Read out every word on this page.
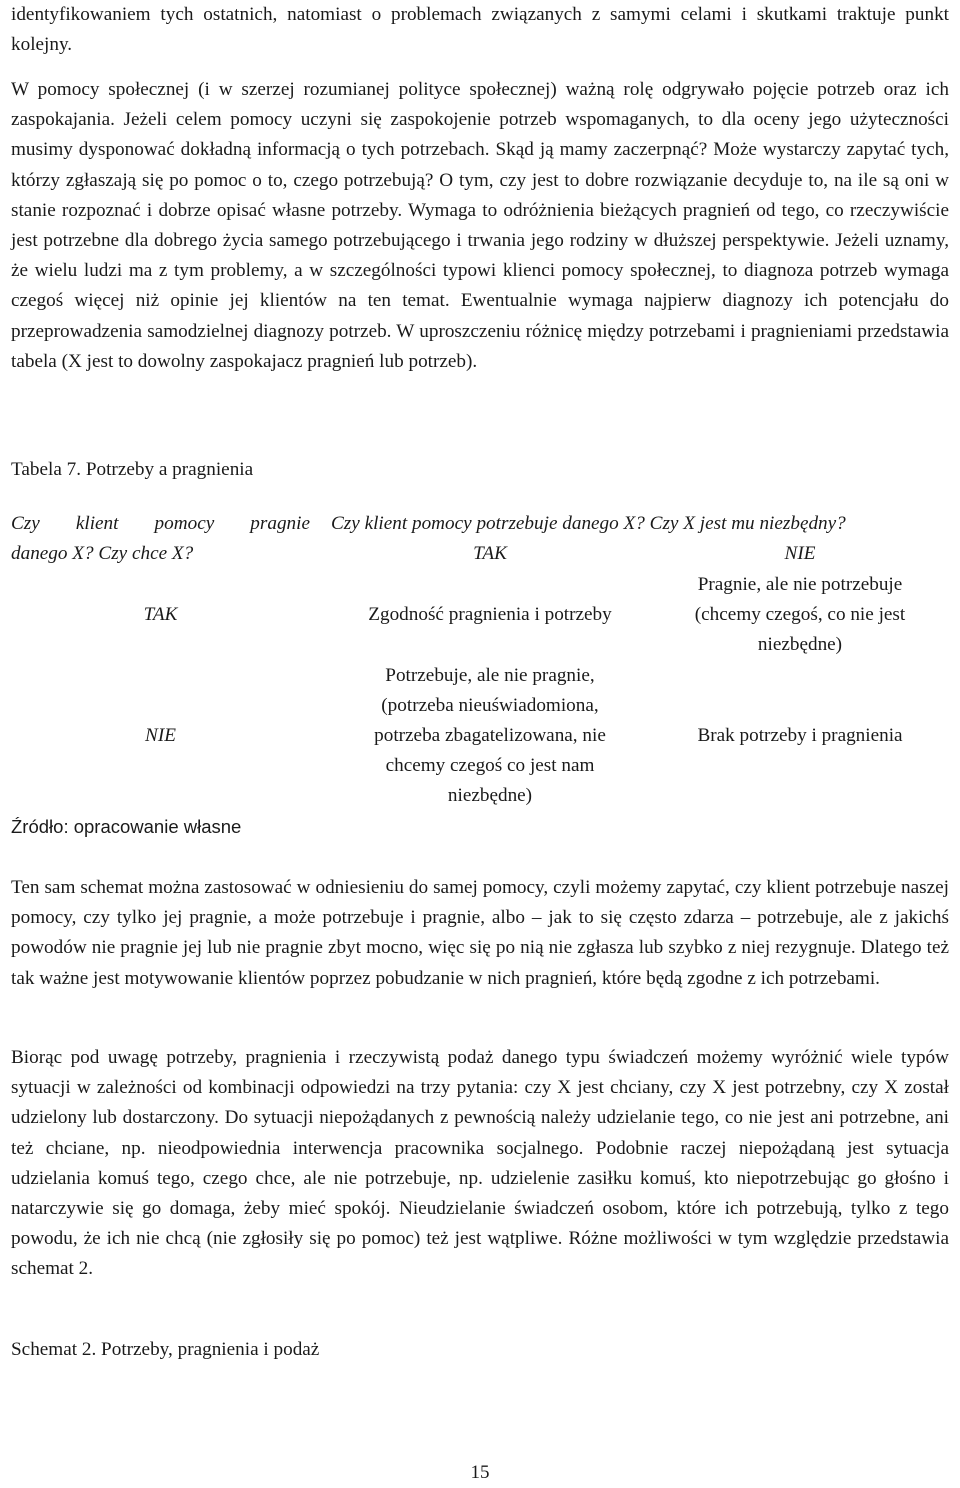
identyfikowaniem tych ostatnich, natomiast o problemach związanych z samymi celami i skutkami traktuje punkt kolejny.

W pomocy społecznej (i w szerzej rozumianej polityce społecznej) ważną rolę odgrywało pojęcie potrzeb oraz ich zaspokajania. Jeżeli celem pomocy uczyni się zaspokojenie potrzeb wspomaganych, to dla oceny jego użyteczności musimy dysponować dokładną informacją o tych potrzebach. Skąd ją mamy zaczerpnąć? Może wystarczy zapytać tych, którzy zgłaszają się po pomoc o to, czego potrzebują? O tym, czy jest to dobre rozwiązanie decyduje to, na ile są oni w stanie rozpoznać i dobrze opisać własne potrzeby. Wymaga to odróżnienia bieżących pragnień od tego, co rzeczywiście jest potrzebne dla dobrego życia samego potrzebującego i trwania jego rodziny w dłuższej perspektywie. Jeżeli uznamy, że wielu ludzi ma z tym problemy, a w szczególności typowi klienci pomocy społecznej, to diagnoza potrzeb wymaga czegoś więcej niż opinie jej klientów na ten temat. Ewentualnie wymaga najpierw diagnozy ich potencjału do przeprowadzenia samodzielnej diagnozy potrzeb. W uproszczeniu różnicę między potrzebami i pragnieniami przedstawia tabela (X jest to dowolny zaspokajacz pragnień lub potrzeb).

Tabela 7. Potrzeby a pragnienia
Czy klient pomocy pragnie
danego X? Czy chce X?
Czy klient pomocy potrzebuje danego X? Czy X jest mu niezbędny?
TAK	NIE
TAK	Zgodność pragnienia i potrzeby
Pragnie, ale nie potrzebuje
(chcemy czegoś, co nie jest
niezbędne)
NIE
Potrzebuje, ale nie pragnie,
(potrzeba nieuświadomiona,
potrzeba zbagatelizowana, nie
chcemy czegoś co jest nam
niezbędne)
Brak potrzeby i pragnienia
Źródło: opracowanie własne

Ten sam schemat można zastosować w odniesieniu do samej pomocy, czyli możemy zapytać, czy klient potrzebuje naszej pomocy, czy tylko jej pragnie, a może potrzebuje i pragnie, albo – jak to się często zdarza – potrzebuje, ale z jakichś powodów nie pragnie jej lub nie pragnie zbyt mocno, więc się po nią nie zgłasza lub szybko z niej rezygnuje. Dlatego też tak ważne jest motywowanie klientów poprzez pobudzanie w nich pragnień, które będą zgodne z ich potrzebami.

Biorąc pod uwagę potrzeby, pragnienia i rzeczywistą podaż danego typu świadczeń możemy wyróżnić wiele typów sytuacji w zależności od kombinacji odpowiedzi na trzy pytania: czy X jest chciany, czy X jest potrzebny, czy X został udzielony lub dostarczony. Do sytuacji niepożądanych z pewnością należy udzielanie tego, co nie jest ani potrzebne, ani też chciane, np. nieodpowiednia interwencja pracownika socjalnego. Podobnie raczej niepożądaną jest sytuacja udzielania komuś tego, czego chce, ale nie potrzebuje, np. udzielenie zasiłku komuś, kto niepotrzebując go głośno i natarczywie się go domaga, żeby mieć spokój. Nieudzielanie świadczeń osobom, które ich potrzebują, tylko z tego powodu, że ich nie chcą (nie zgłosiły się po pomoc) też jest wątpliwe. Różne możliwości w tym względzie przedstawia schemat 2.

Schemat 2. Potrzeby, pragnienia i podaż
15
